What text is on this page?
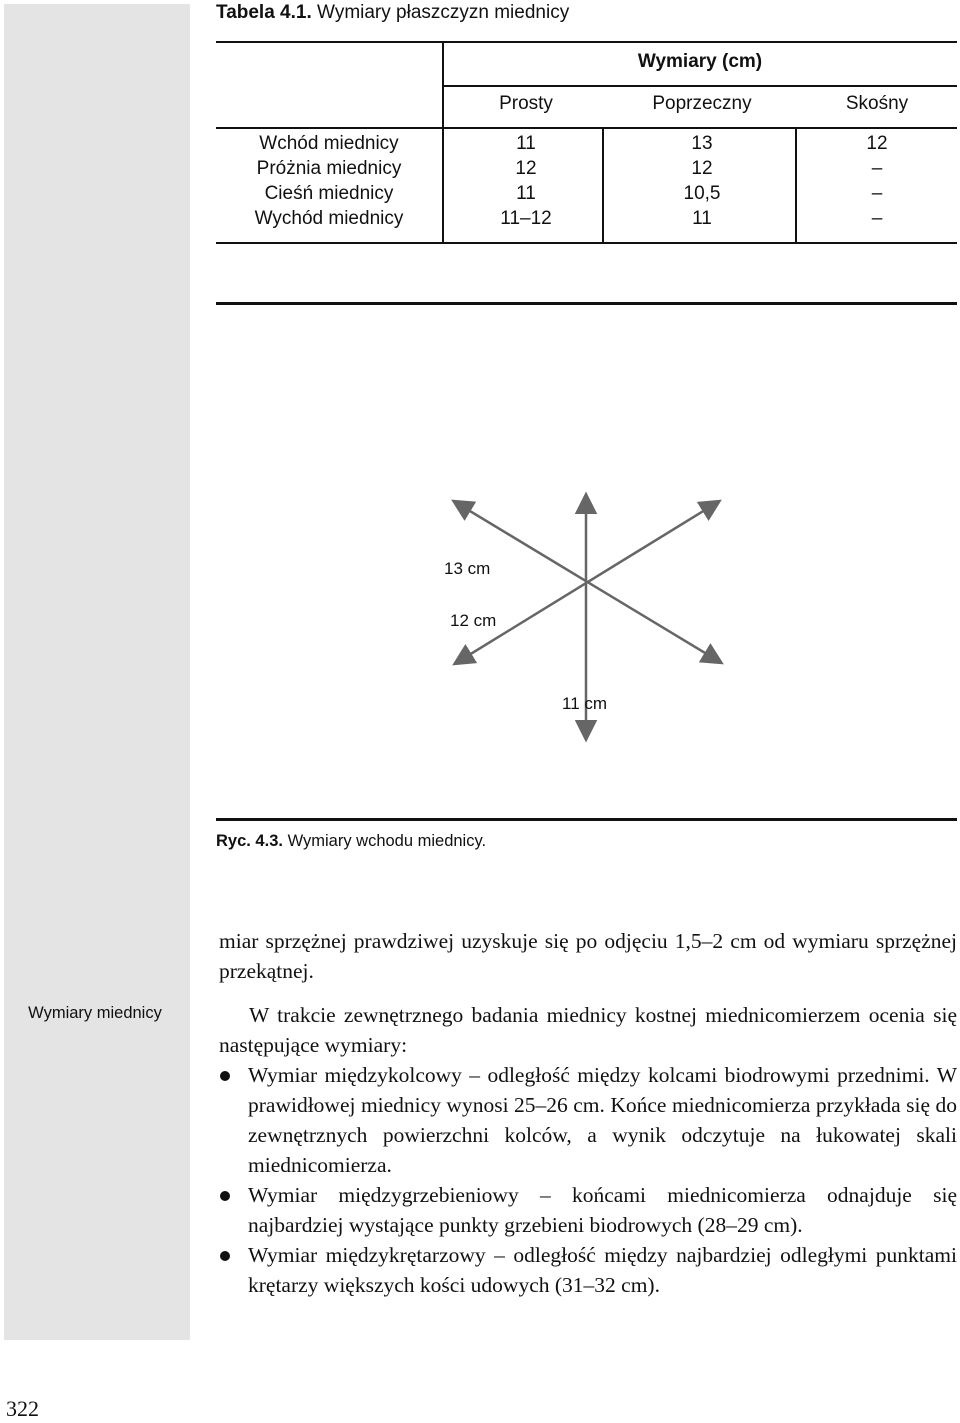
Wymiary miednicy
Tabela 4.1. Wymiary płaszczyzn miednicy
Wymiary (cm)
Prosty	Poprzeczny	Skośny
Wchód miednicy	11	13	12
Próżnia miednicy	12	12	–
Cieśń miednicy	11	10,5	–
Wychód miednicy	11–12	11	–
13 cm
12 cm
11 cm
Ryc. 4.3. Wymiary wchodu miednicy.
miar sprzężnej prawdziwej uzyskuje się po odjęciu 1,5–2 cm od wymiaru sprzężnej przekątnej.
W trakcie zewnętrznego badania miednicy kostnej miednicomierzem ocenia się następujące wymiary:
Wymiar międzykolcowy – odległość między kolcami biodrowymi przednimi. W prawidłowej miednicy wynosi 25–26 cm. Końce miednicomierza przykłada się do zewnętrznych powierzchni kolców, a wynik odczytuje na łukowatej skali miednicomierza.
Wymiar międzygrzebieniowy – końcami miednicomierza odnajduje się najbardziej wystające punkty grzebieni biodrowych (28–29 cm).
Wymiar międzykrętarzowy – odległość między najbardziej odległymi punktami krętarzy większych kości udowych (31–32 cm).
322
